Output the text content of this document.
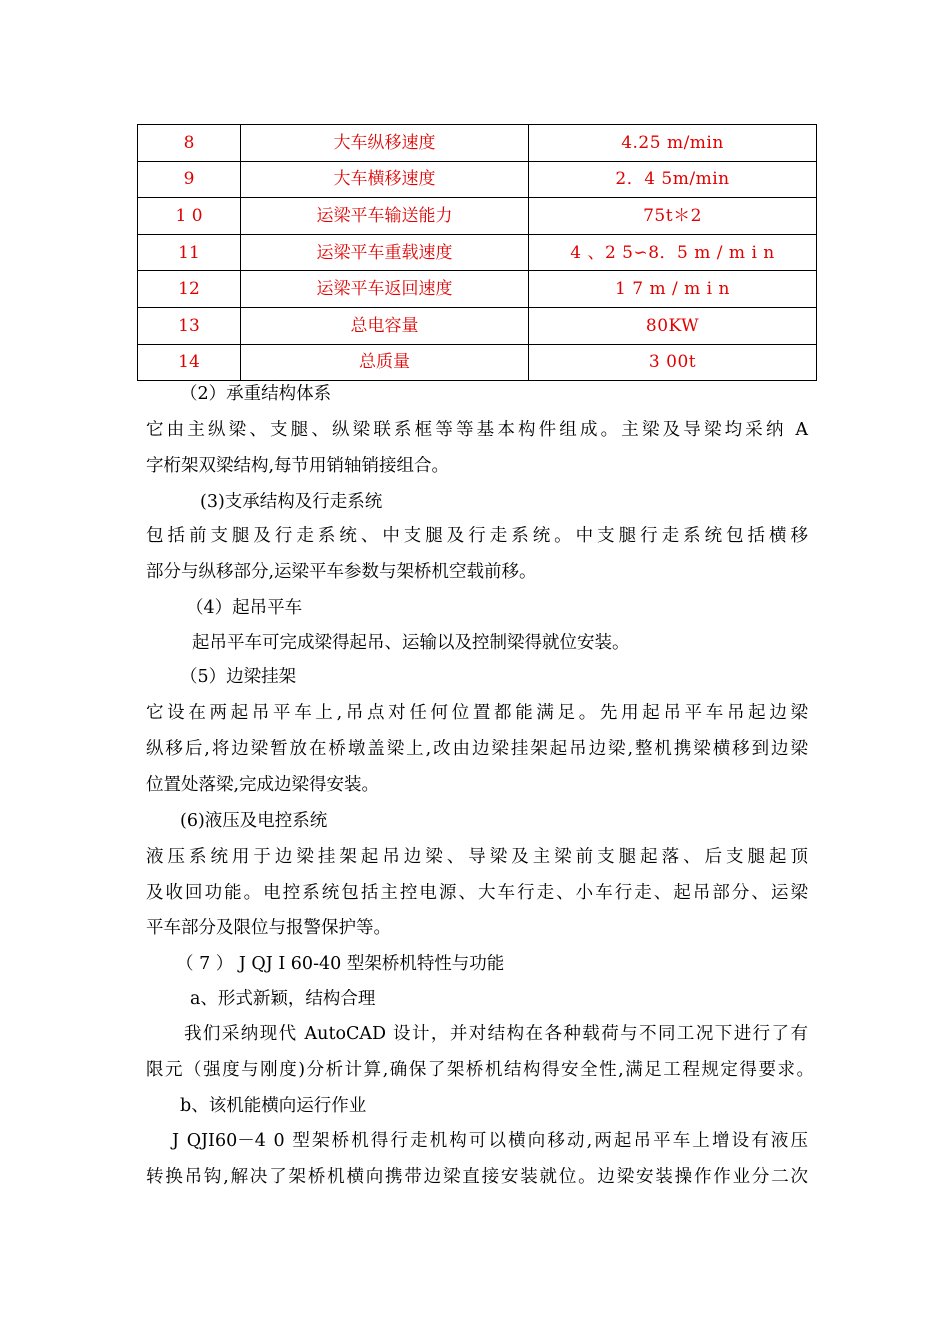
8	大车纵移速度	4.25 m/min
9	大车横移速度	2．4 5m/min
1 0	运梁平车输送能力	75t＊2
11	运梁平车重载速度	4 、2 5∽8．5 m / m i n
12	运梁平车返回速度	1 7 m / m i n
13	总电容量	80KW
14	总质量	3 00t
（2）承重结构体系
它由主纵梁、支腿、纵梁联系框等等基本构件组成。主梁及导梁均采纳 A
字桁架双梁结构,每节用销轴销接组合。
(3)支承结构及行走系统
包括前支腿及行走系统、中支腿及行走系统。中支腿行走系统包括横移
部分与纵移部分,运梁平车参数与架桥机空载前移。
（4）起吊平车
起吊平车可完成梁得起吊、运输以及控制梁得就位安装。
（5）边梁挂架
它设在两起吊平车上,吊点对任何位置都能满足。先用起吊平车吊起边梁
纵移后,将边梁暂放在桥墩盖梁上,改由边梁挂架起吊边梁,整机携梁横移到边梁
位置处落梁,完成边梁得安装。
(6)液压及电控系统
液压系统用于边梁挂架起吊边梁、导梁及主梁前支腿起落、后支腿起顶
及收回功能。电控系统包括主控电源、大车行走、小车行走、起吊部分、运梁
平车部分及限位与报警保护等。
（ 7 ） J QJ I 60-40 型架桥机特性与功能
a、形式新颖，结构合理
我们采纳现代 AutoCAD 设计，并对结构在各种载荷与不同工况下进行了有
限元（强度与刚度)分析计算,确保了架桥机结构得安全性,满足工程规定得要求。
b、该机能横向运行作业
J QJI60－4 0 型架桥机得行走机构可以横向移动,两起吊平车上增设有液压
转换吊钩,解决了架桥机横向携带边梁直接安装就位。边梁安装操作作业分二次
